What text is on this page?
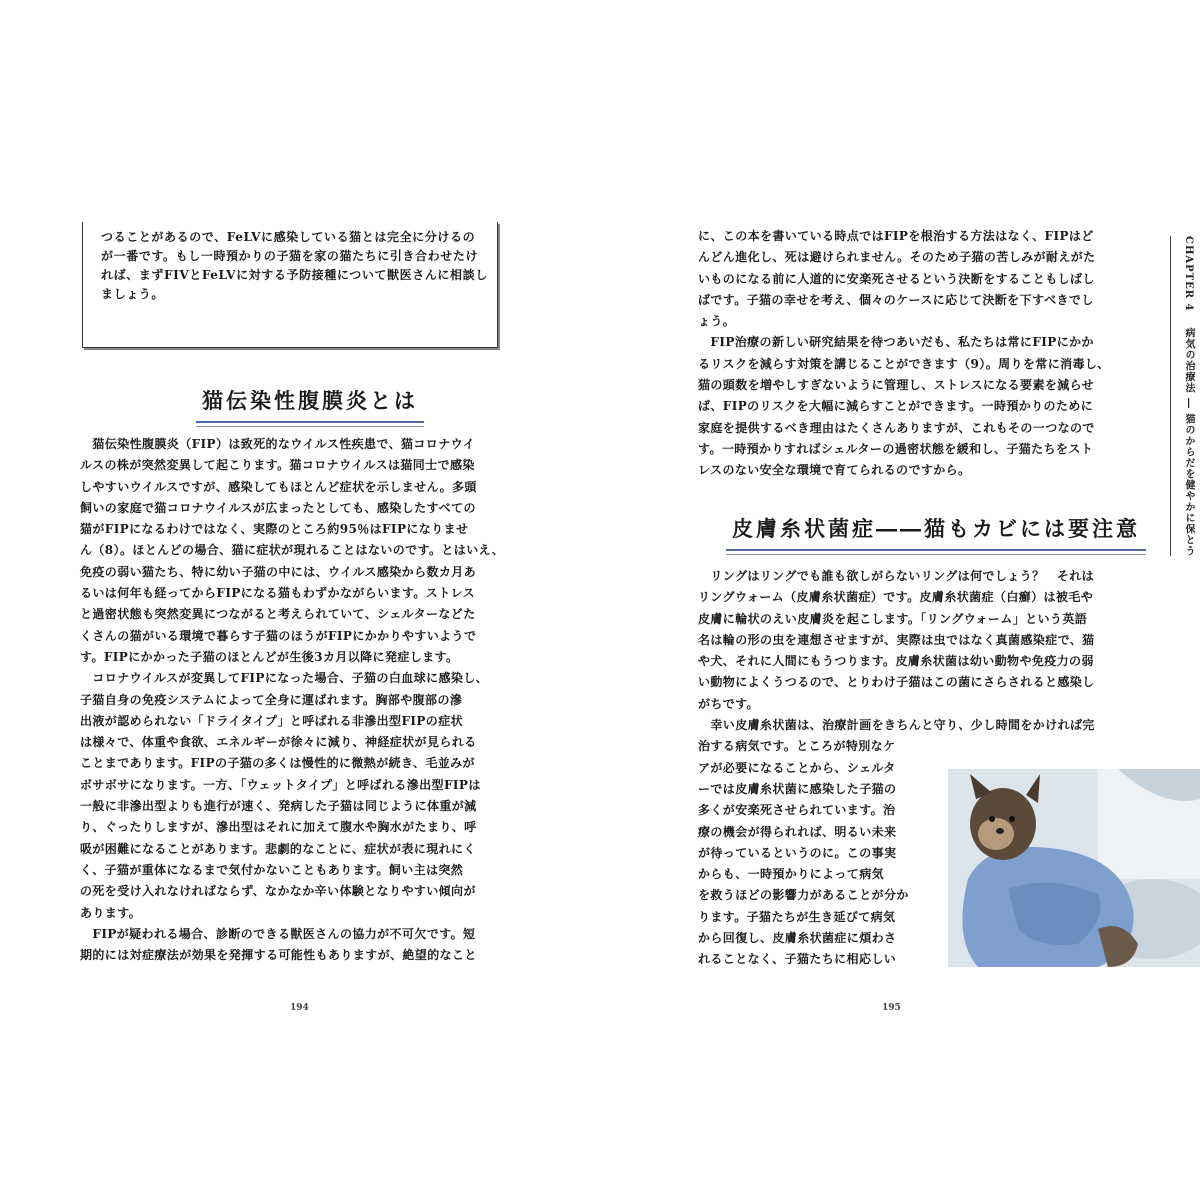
つることがあるので、FeLVに感染している猫とは完全に分けるの
が一番です。もし一時預かりの子猫を家の猫たちに引き合わせたけ
れば、まずFIVとFeLVに対する予防接種について獣医さんに相談し
ましょう。
猫伝染性腹膜炎とは
　猫伝染性腹膜炎（FIP）は致死的なウイルス性疾患で、猫コロナウイ
ルスの株が突然変異して起こります。猫コロナウイルスは猫同士で感染
しやすいウイルスですが、感染してもほとんど症状を示しません。多頭
飼いの家庭で猫コロナウイルスが広まったとしても、感染したすべての
猫がFIPになるわけではなく、実際のところ約95％はFIPになりませ
ん（8）。ほとんどの場合、猫に症状が現れることはないのです。とはいえ、
免疫の弱い猫たち、特に幼い子猫の中には、ウイルス感染から数カ月あ
るいは何年も経ってからFIPになる猫もわずかながらいます。ストレス
と過密状態も突然変異につながると考えられていて、シェルターなどた
くさんの猫がいる環境で暮らす子猫のほうがFIPにかかりやすいようで
す。FIPにかかった子猫のほとんどが生後3カ月以降に発症します。
　コロナウイルスが変異してFIPになった場合、子猫の白血球に感染し、
子猫自身の免疫システムによって全身に運ばれます。胸部や腹部の滲
出液が認められない「ドライタイプ」と呼ばれる非滲出型FIPの症状
は様々で、体重や食欲、エネルギーが徐々に減り、神経症状が見られる
ことまであります。FIPの子猫の多くは慢性的に微熱が続き、毛並みが
ボサボサになります。一方、「ウェットタイプ」と呼ばれる滲出型FIPは
一般に非滲出型よりも進行が速く、発病した子猫は同じように体重が減
り、ぐったりしますが、滲出型はそれに加えて腹水や胸水がたまり、呼
吸が困難になることがあります。悲劇的なことに、症状が表に現れにく
く、子猫が重体になるまで気付かないこともあります。飼い主は突然
の死を受け入れなければならず、なかなか辛い体験となりやすい傾向が
あります。
　FIPが疑われる場合、診断のできる獣医さんの協力が不可欠です。短
期的には対症療法が効果を発揮する可能性もありますが、絶望的なこと
194
に、この本を書いている時点ではFIPを根治する方法はなく、FIPはど
んどん進化し、死は避けられません。そのため子猫の苦しみが耐えがた
いものになる前に人道的に安楽死させるという決断をすることもしばし
ばです。子猫の幸せを考え、個々のケースに応じて決断を下すべきでし
ょう。
　FIP治療の新しい研究結果を待つあいだも、私たちは常にFIPにかか
るリスクを減らす対策を講じることができます（9）。周りを常に消毒し、
猫の頭数を増やしすぎないように管理し、ストレスになる要素を減らせ
ば、FIPのリスクを大幅に減らすことができます。一時預かりのために
家庭を提供するべき理由はたくさんありますが、これもその一つなので
す。一時預かりすればシェルターの過密状態を緩和し、子猫たちをスト
レスのない安全な環境で育てられるのですから。
皮膚糸状菌症――猫もカビには要注意
　リングはリングでも誰も欲しがらないリングは何でしょう？　それは
リングウォーム（皮膚糸状菌症）です。皮膚糸状菌症（白癬）は被毛や
皮膚に輪状のえい皮膚炎を起こします。「リングウォーム」という英語
名は輪の形の虫を連想させますが、実際は虫ではなく真菌感染症で、猫
や犬、それに人間にもうつります。皮膚糸状菌は幼い動物や免疫力の弱
い動物によくうつるので、とりわけ子猫はこの菌にさらされると感染し
がちです。
　幸い皮膚糸状菌は、治療計画をきちんと守り、少し時間をかければ完
治する病気です。ところが特別なケ
アが必要になることから、シェルタ
ーでは皮膚糸状菌に感染した子猫の
多くが安楽死させられています。治
療の機会が得られれば、明るい未来
が待っているというのに。この事実
からも、一時預かりによって病気
を救うほどの影響力があることが分か
ります。子猫たちが生き延びて病気
から回復し、皮膚糸状菌症に煩わさ
れることなく、子猫たちに相応しい
195
CHAPTER 4病気の治療法 ― 猫のからだを健やかに保とう
